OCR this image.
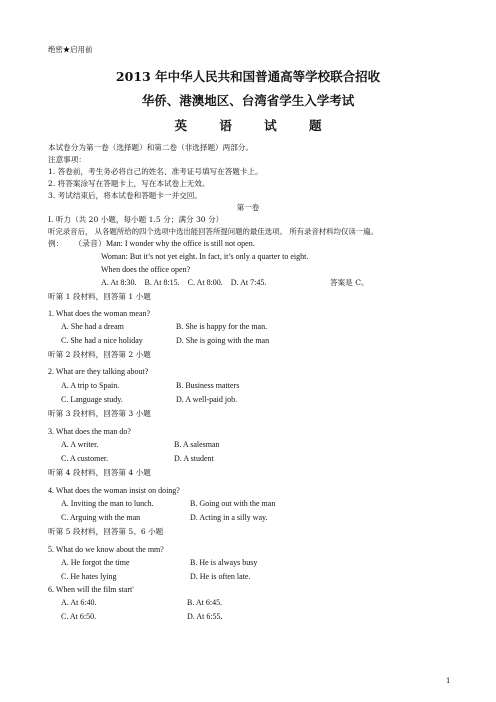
绝密★启用前
2013 年中华人民共和国普通高等学校联合招收
华侨、港澳地区、台湾省学生入学考试
英 语 试 题
本试卷分为第一卷（选择题）和第二卷（非选择题）两部分。
注意事项：
1. 答卷前，考生务必将自己的姓名、准考证号填写在答题卡上。
2. 将答案涂写在答题卡上，写在本试卷上无效。
3. 考试结束后，将本试卷和答题卡一并交回。
第一卷
Ⅰ. 听力（共 20 小题，每小题 1.5 分；满分 30 分）
听完录音后， 从各题所给的四个选项中选出能回答所提问题的最佳选项。 所有录音材料均仅读一遍。
例： （录音）Man: I wonder why the office is still not open.
Woman: But it’s not yet eight. In fact, it’s only a quarter to eight.
When does the office open?
A. At 8:30.    B. At 8:15.    C. At 8:00.    D. At 7:45.	答案是 C。
听第 1 段材料，回答第 1 小题
1. What does the woman mean?
A. She had a dream	B. She is happy for the man.
C. She had a nice holiday	D. She is going with the man
听第 2 段材料，回答第 2 小题
2. What are they talking about?
A. A trip to Spain.	B. Business matters
C. Language study.	D. A well-paid job.
听第 3 段材料，回答第 3 小题
3. What does the man do?
A. A writer.	B. A salesman
C. A customer.	D. A student
听第 4 段材料，回答第 4 小题
4. What does the woman insist on doing?
A. Inviting the man to lunch.	B. Going out with the man
C. Arguing with the man	D. Acting in a silly way.
听第 5 段材料，回答第 5、6 小题
5. What do we know about the mm?
A. He forgot the time	B. He is always busy
C. He hates lying	D. He is often late.
6. When will the film start'
A. At 6:40.	B. At 6:45.
C. At 6:50.	D. At 6:55.
1
